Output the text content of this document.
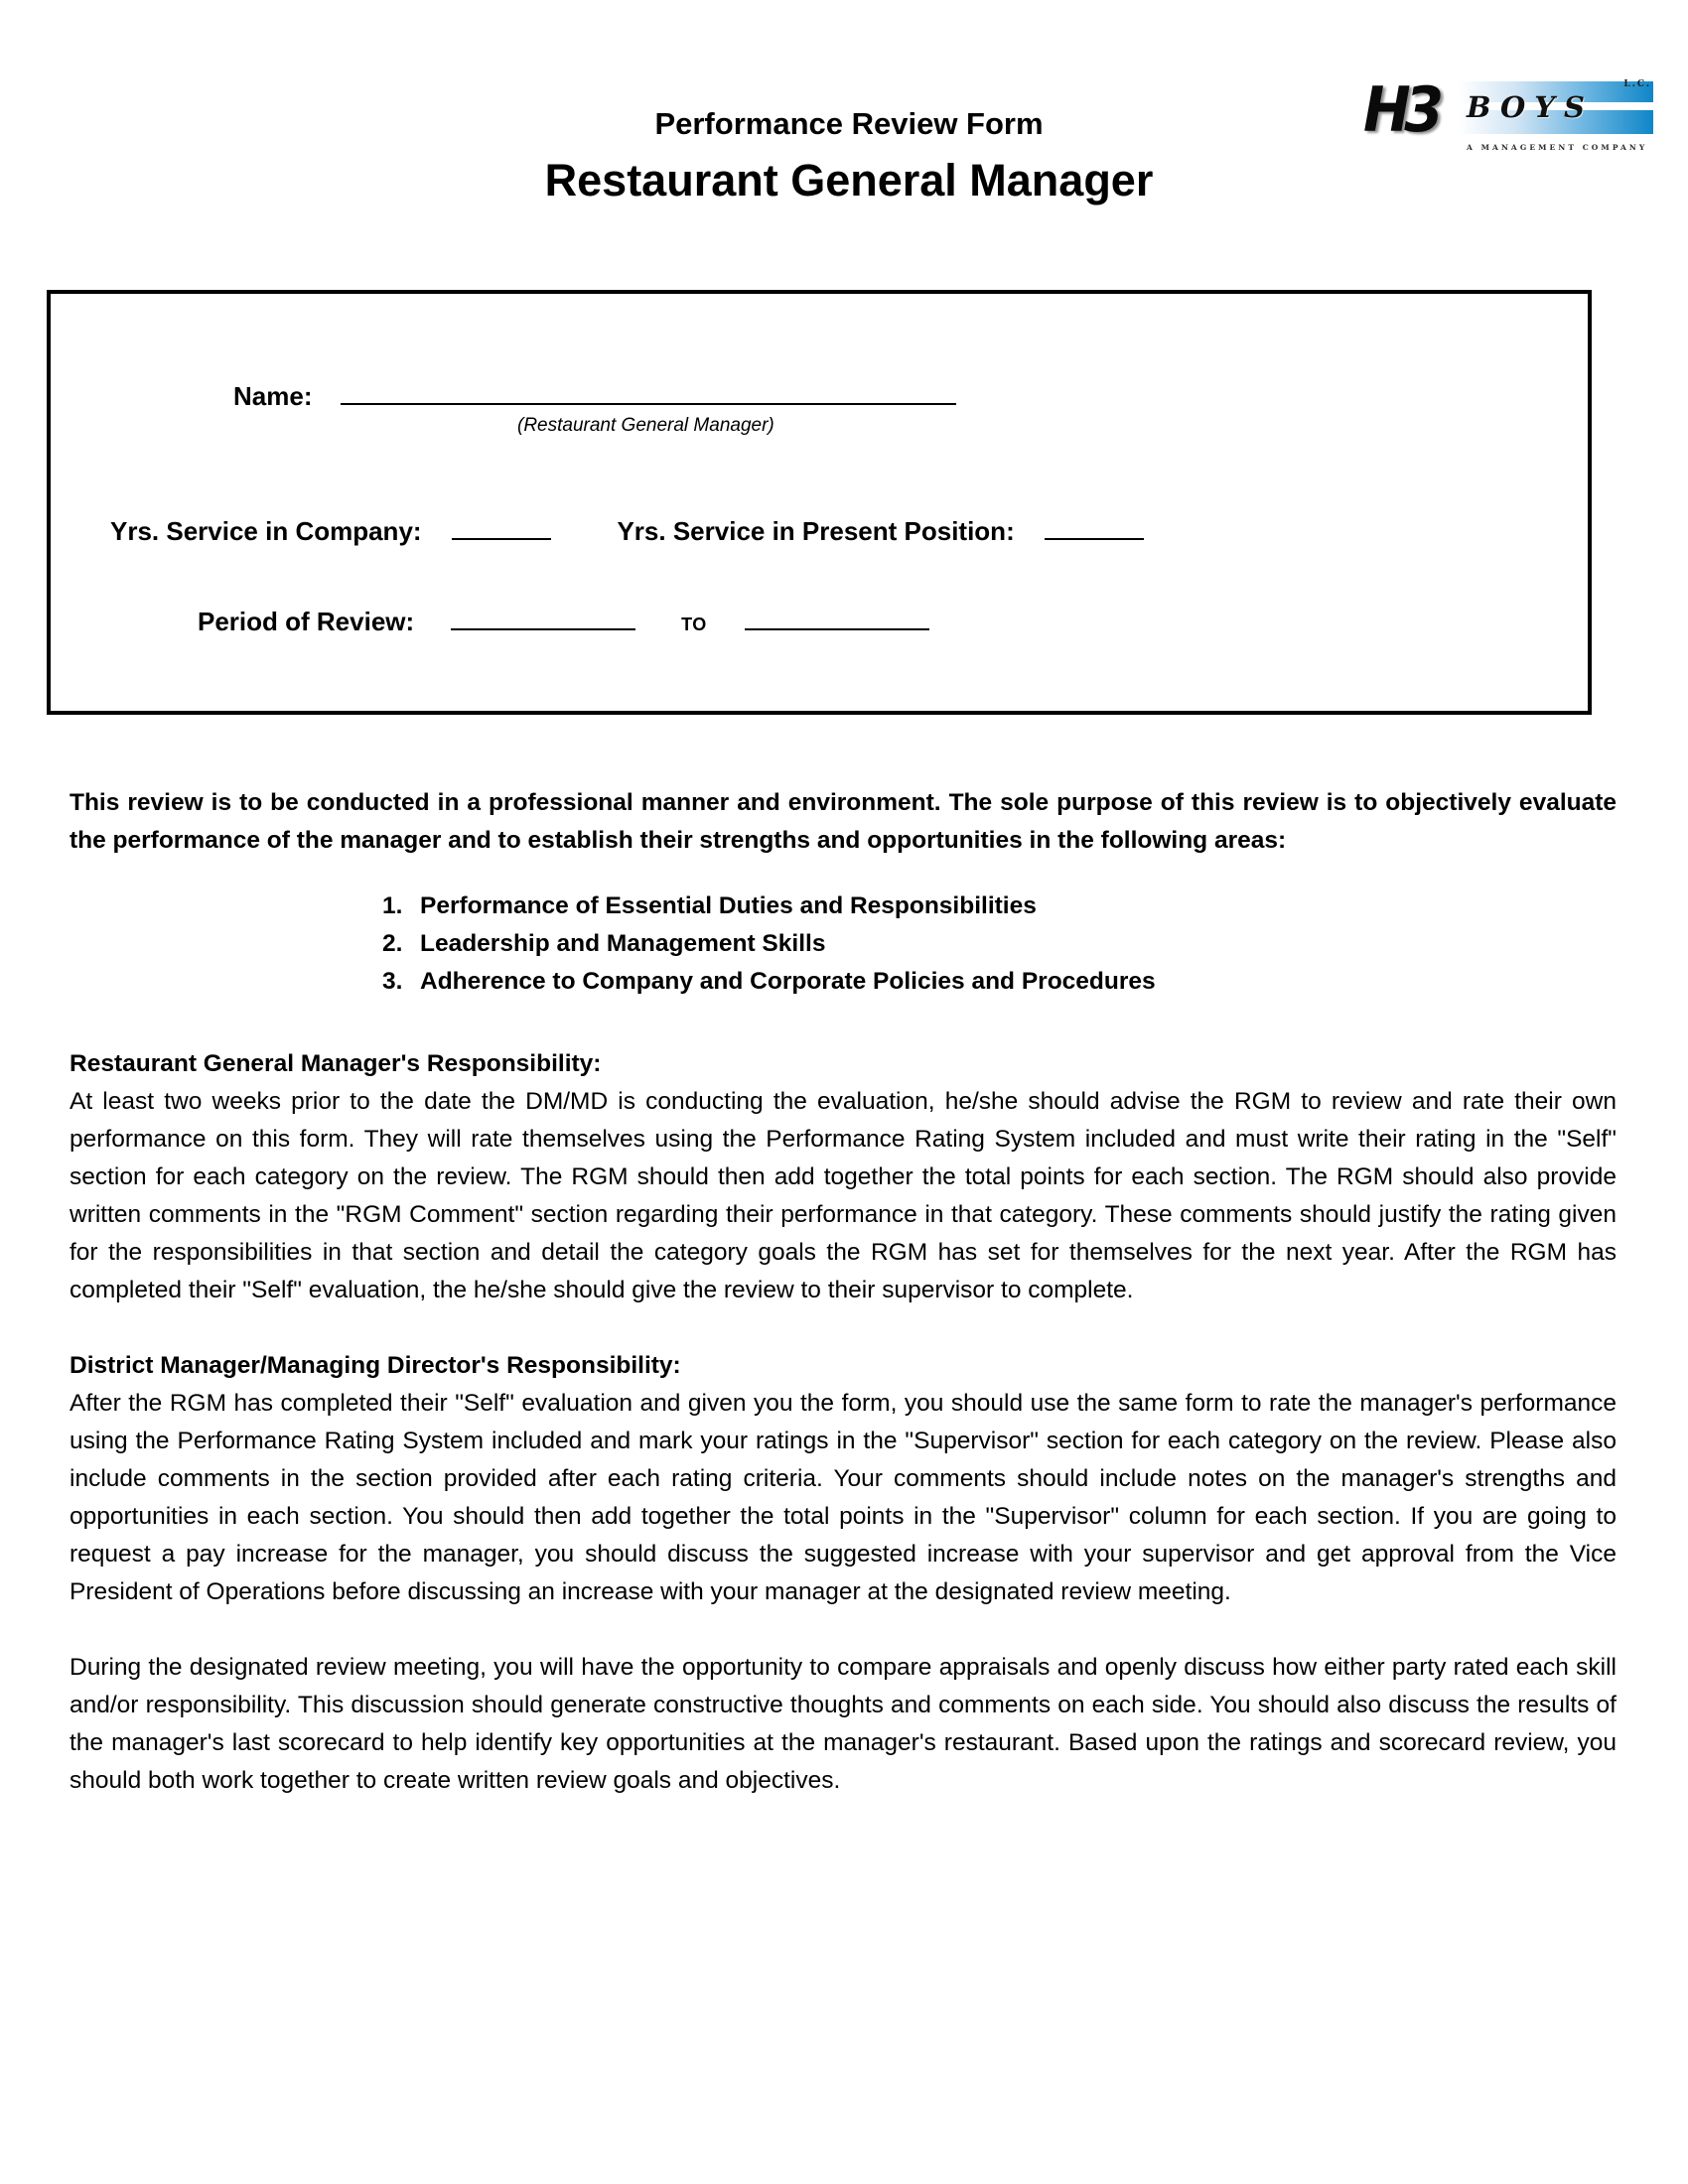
Performance Review Form
Restaurant General Manager
H3	BOYS
L.C.
A MANAGEMENT COMPANY
Name:
(Restaurant General Manager)
Yrs. Service in Company:	Yrs. Service in Present Position:
Period of Review:	TO

This review is to be conducted in a professional manner and environment. The sole purpose of this review is to objectively evaluate the performance of the manager and to establish their strengths and opportunities in the following areas:

1. Performance of Essential Duties and Responsibilities
2. Leadership and Management Skills
3. Adherence to Company and Corporate Policies and Procedures

Restaurant General Manager's Responsibility:

At least two weeks prior to the date the DM/MD is conducting the evaluation, he/she should advise the RGM to review and rate their own performance on this form. They will rate themselves using the Performance Rating System included and must write their rating in the "Self" section for each category on the review. The RGM should then add together the total points for each section. The RGM should also provide written comments in the "RGM Comment" section regarding their performance in that category. These comments should justify the rating given for the responsibilities in that section and detail the category goals the RGM has set for themselves for the next year. After the RGM has completed their "Self" evaluation, the he/she should give the review to their supervisor to complete.

District Manager/Managing Director's Responsibility:

After the RGM has completed their "Self" evaluation and given you the form, you should use the same form to rate the manager's performance using the Performance Rating System included and mark your ratings in the "Supervisor" section for each category on the review. Please also include comments in the section provided after each rating criteria. Your comments should include notes on the manager's strengths and opportunities in each section. You should then add together the total points in the "Supervisor" column for each section. If you are going to request a pay increase for the manager, you should discuss the suggested increase with your supervisor and get approval from the Vice President of Operations before discussing an increase with your manager at the designated review meeting.

During the designated review meeting, you will have the opportunity to compare appraisals and openly discuss how either party rated each skill and/or responsibility. This discussion should generate constructive thoughts and comments on each side. You should also discuss the results of the manager's last scorecard to help identify key opportunities at the manager's restaurant. Based upon the ratings and scorecard review, you should both work together to create written review goals and objectives.
